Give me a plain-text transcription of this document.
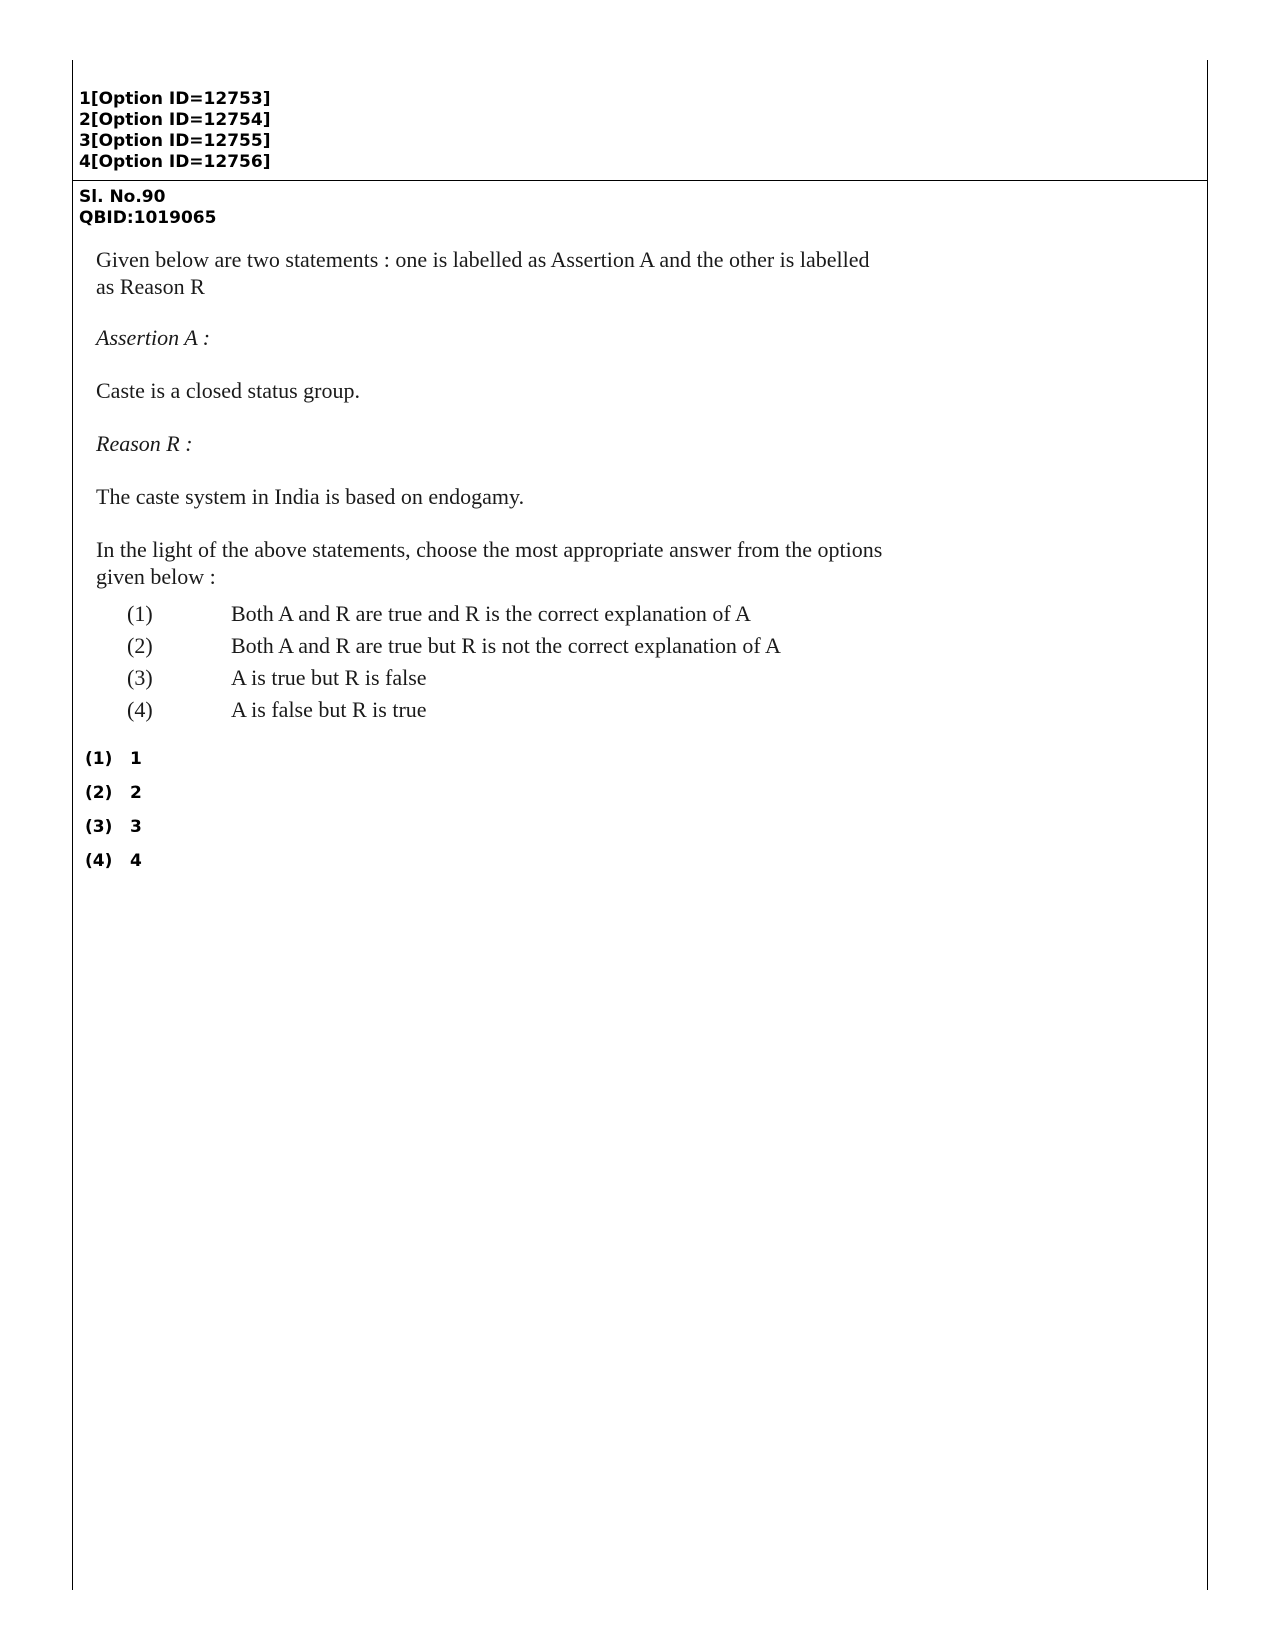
1[Option ID=12753]
2[Option ID=12754]
3[Option ID=12755]
4[Option ID=12756]
Sl. No.90
QBID:1019065

Given below are two statements : one is labelled as Assertion A and the other is labelled
as Reason R

Assertion A :

Caste is a closed status group.

Reason R :

The caste system in India is based on endogamy.

In the light of the above statements, choose the most appropriate answer from the options
given below :

(1)	Both A and R are true and R is the correct explanation of A
(2)	Both A and R are true but R is not the correct explanation of A
(3)	A is true but R is false
(4)	A is false but R is true
(1)	1
(2)	2
(3)	3
(4)	4
